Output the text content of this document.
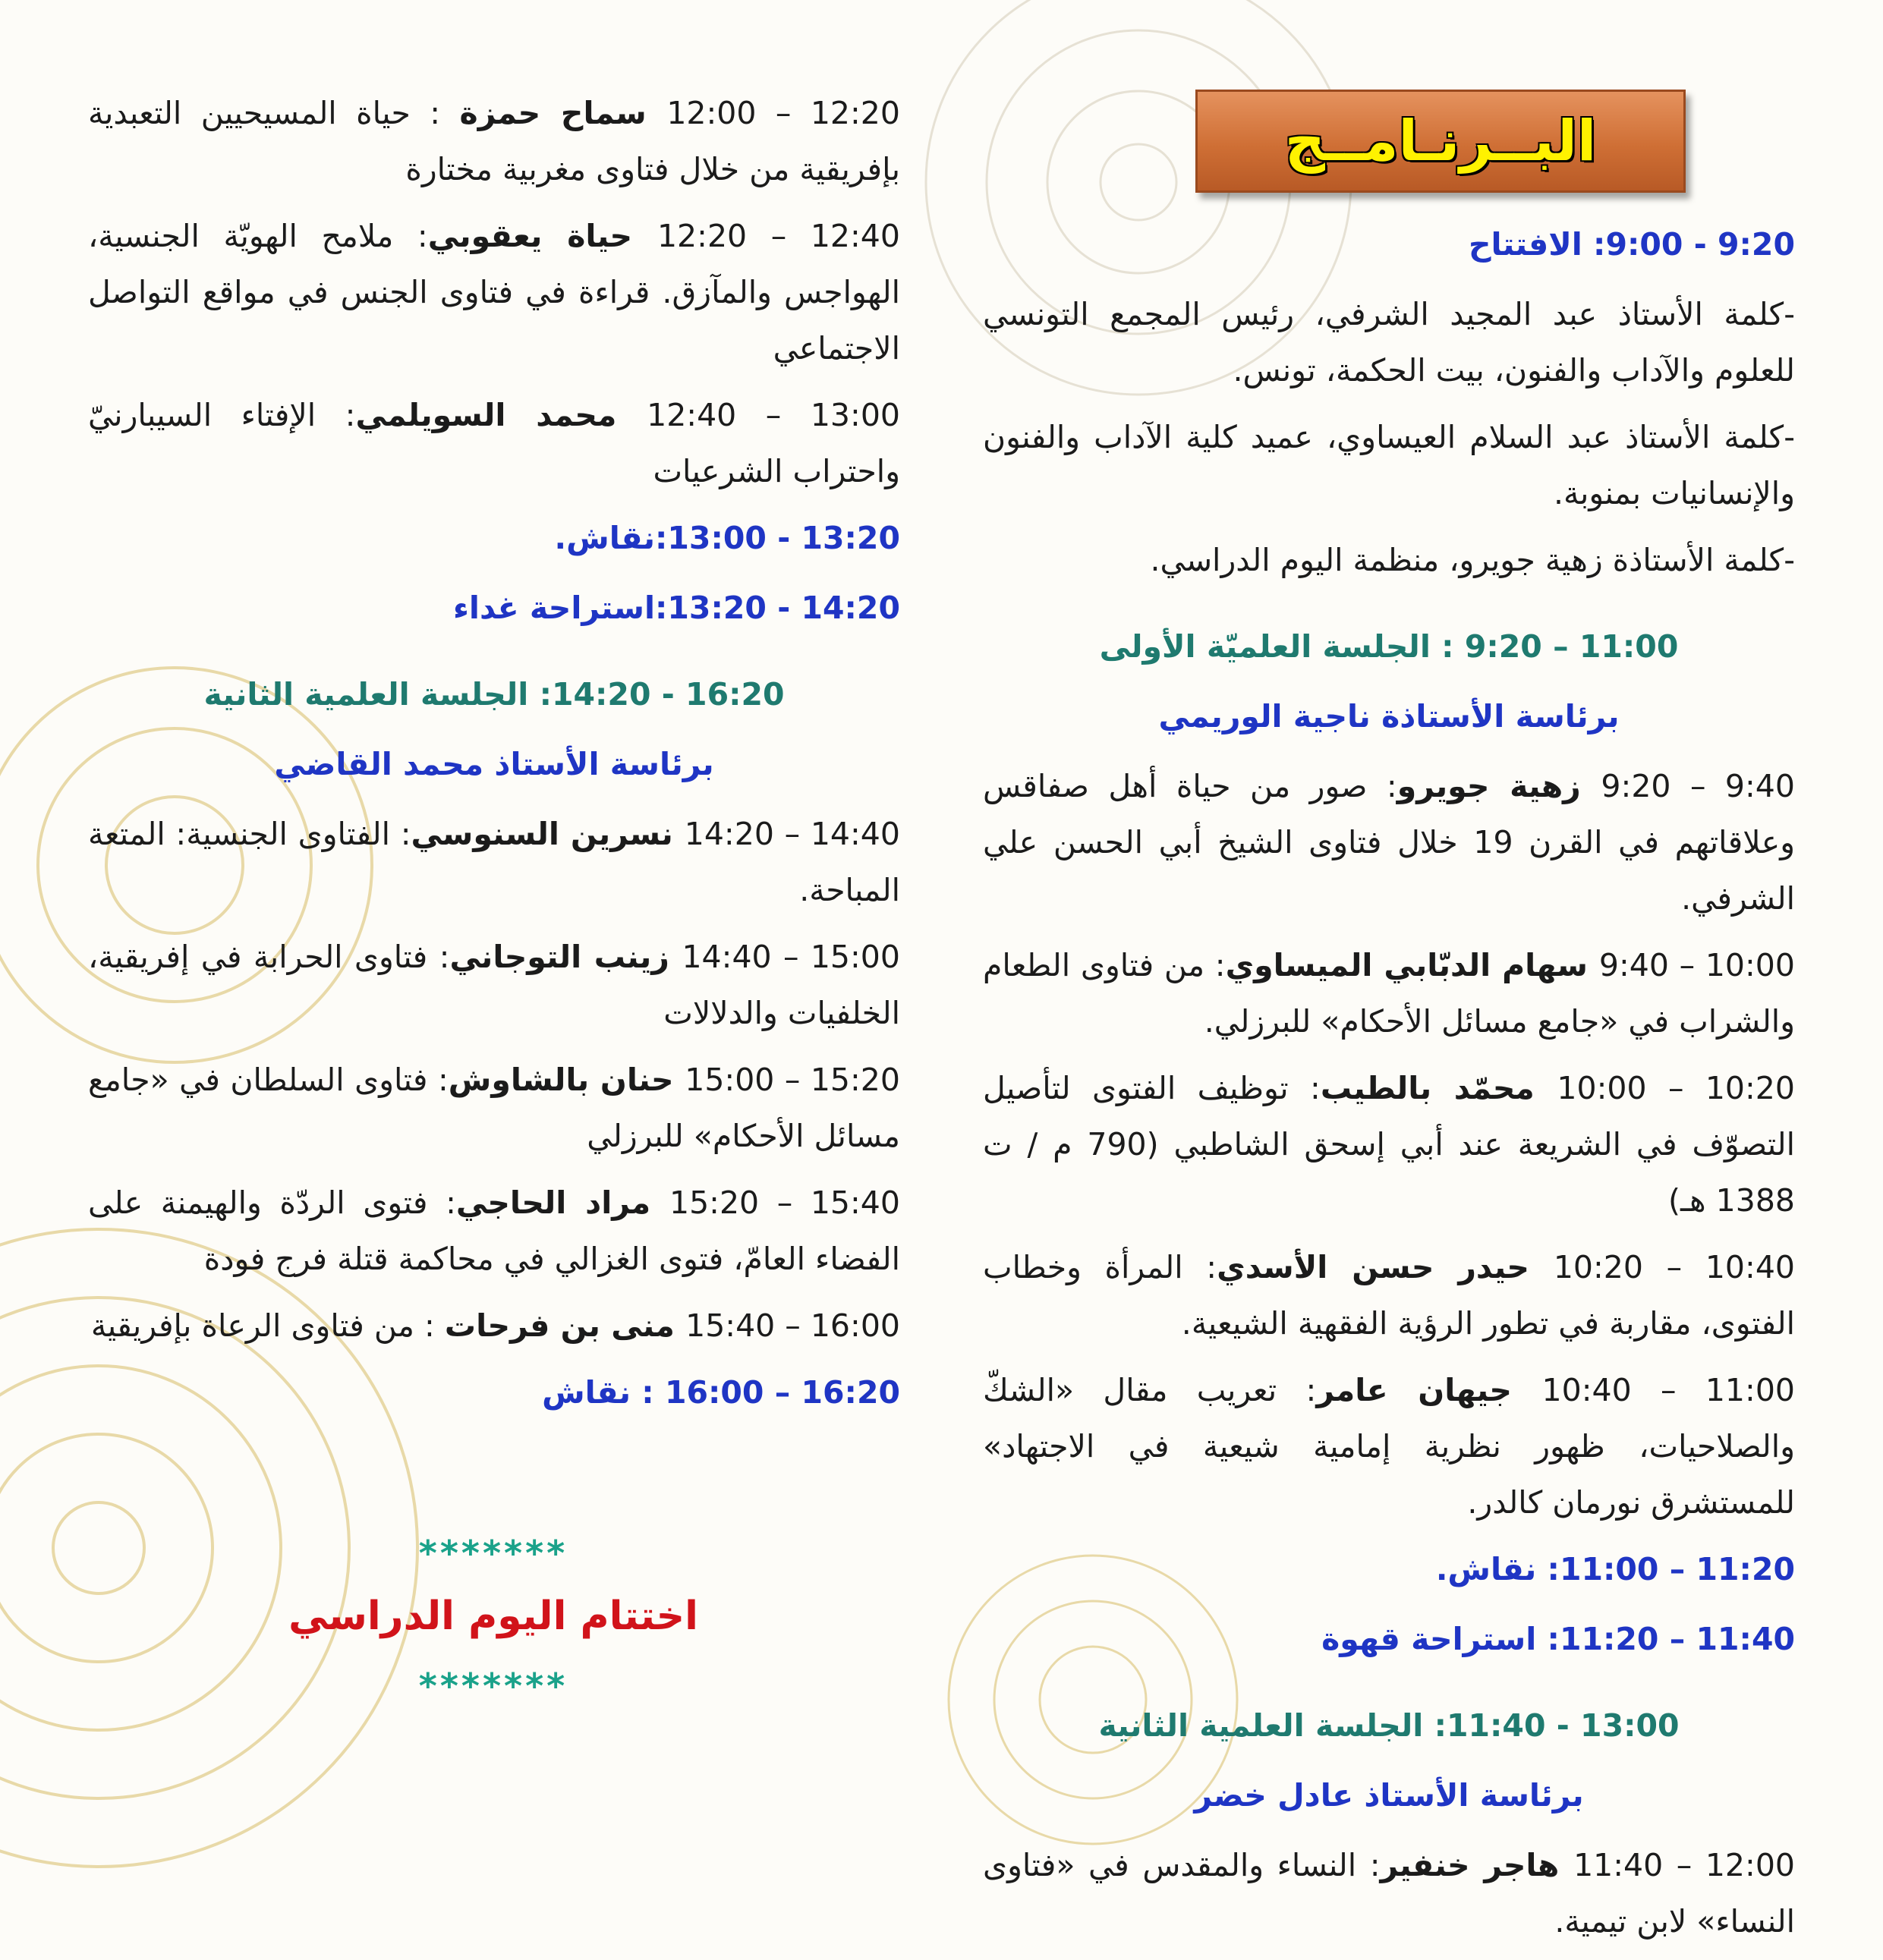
البــرنـامــج

9:00 - 9:20: الافتتاح

-كلمة الأستاذ عبد المجيد الشرفي، رئيس المجمع التونسي للعلوم والآداب والفنون، بيت الحكمة، تونس.

-كلمة الأستاذ عبد السلام العيساوي، عميد كلية الآداب والفنون والإنسانيات بمنوبة.

-كلمة الأستاذة زهية جويرو، منظمة اليوم الدراسي.

9:20 – 11:00 : الجلسة العلميّة الأولى

برئاسة الأستاذة ناجية الوريمي

9:20 – 9:40 زهية جويرو: صور من حياة أهل صفاقس وعلاقاتهم في القرن 19 خلال فتاوى الشيخ أبي الحسن علي الشرفي.

9:40 – 10:00 سهام الدبّابي الميساوي: من فتاوى الطعام والشراب في «جامع مسائل الأحكام» للبرزلي.

10:00 – 10:20 محمّد بالطيب: توظيف الفتوى لتأصيل التصوّف في الشريعة عند أبي إسحق الشاطبي (790 م / ت 1388 هـ)

10:20 – 10:40 حيدر حسن الأسدي: المرأة وخطاب الفتوى، مقاربة في تطور الرؤية الفقهية الشيعية.

10:40 – 11:00 جيهان عامر: تعريب مقال «الشكّ والصلاحيات، ظهور نظرية إمامية شيعية في الاجتهاد» للمستشرق نورمان كالدر.

11:00 – 11:20: نقاش.

11:20 – 11:40: استراحة قهوة

11:40 - 13:00: الجلسة العلمية الثانية

برئاسة الأستاذ عادل خضر

11:40 – 12:00 هاجر خنفير: النساء والمقدس في «فتاوى النساء» لابن تيمية.

12:00 – 12:20 سماح حمزة : حياة المسيحيين التعبدية بإفريقية من خلال فتاوى مغربية مختارة

12:20 – 12:40 حياة يعقوبي: ملامح الهويّة الجنسية، الهواجس والمآزق. قراءة في فتاوى الجنس في مواقع التواصل الاجتماعي

12:40 – 13:00 محمد السويلمي: الإفتاء السيبارنيّ واحتراب الشرعيات

13:00 - 13:20:نقاش.

13:20 - 14:20:استراحة غداء

14:20 - 16:20: الجلسة العلمية الثانية

برئاسة الأستاذ محمد القاضي

14:20 – 14:40 نسرين السنوسي: الفتاوى الجنسية: المتعة المباحة.

14:40 – 15:00 زينب التوجاني: فتاوى الحرابة في إفريقية، الخلفيات والدلالات

15:00 – 15:20 حنان بالشاوش: فتاوى السلطان في «جامع مسائل الأحكام» للبرزلي

15:20 – 15:40 مراد الحاجي: فتوى الردّة والهيمنة على الفضاء العامّ، فتوى الغزالي في محاكمة قتلة فرج فودة

15:40 – 16:00 منى بن فرحات : من فتاوى الرعاة بإفريقية

16:00 – 16:20 : نقاش

*******
اختتام اليوم الدراسي
*******
